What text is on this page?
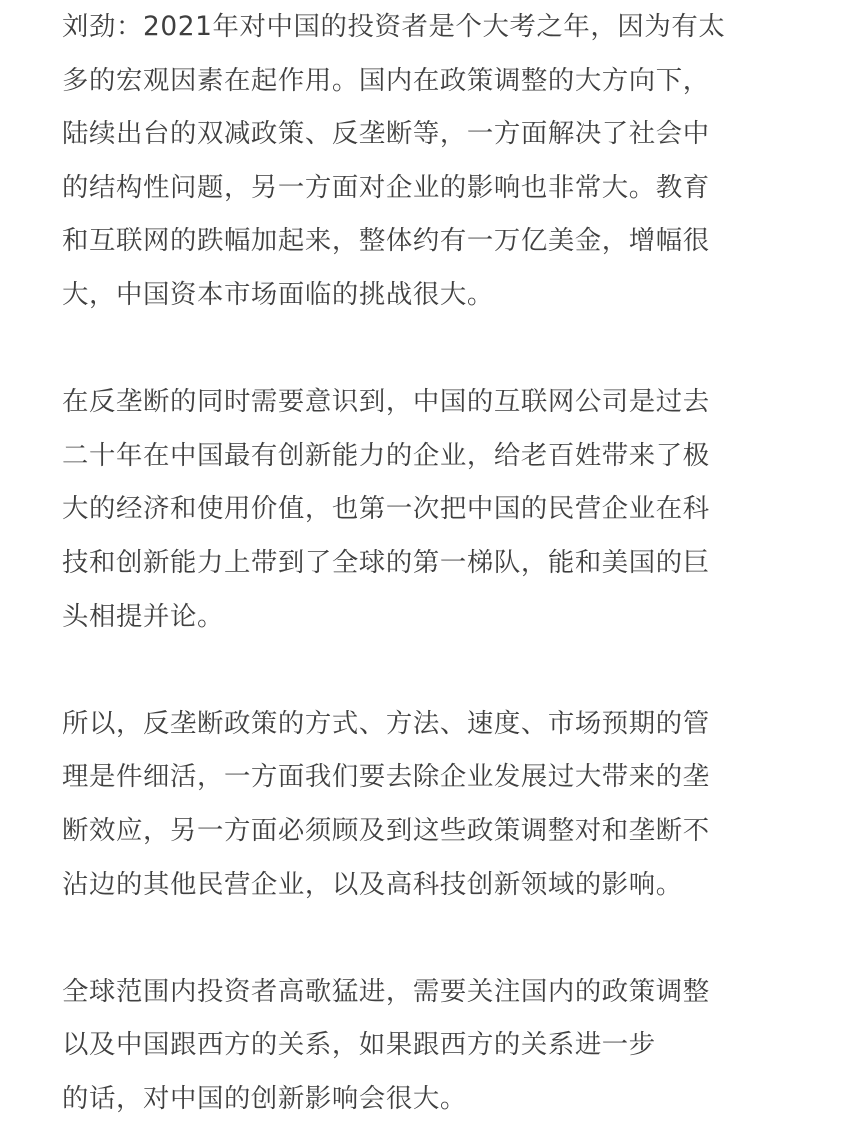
刘劲：2021年对中国的投资者是个大考之年，因为有太
多的宏观因素在起作用。国内在政策调整的大方向下，
陆续出台的双减政策、反垄断等，一方面解决了社会中
的结构性问题，另一方面对企业的影响也非常大。教育
和互联网的跌幅加起来，整体约有一万亿美金，增幅很
大，中国资本市场面临的挑战很大。

在反垄断的同时需要意识到，中国的互联网公司是过去
二十年在中国最有创新能力的企业，给老百姓带来了极
大的经济和使用价值，也第一次把中国的民营企业在科
技和创新能力上带到了全球的第一梯队，能和美国的巨
头相提并论。

所以，反垄断政策的方式、方法、速度、市场预期的管
理是件细活，一方面我们要去除企业发展过大带来的垄
断效应，另一方面必须顾及到这些政策调整对和垄断不
沾边的其他民营企业，以及高科技创新领域的影响。

全球范围内投资者高歌猛进，需要关注国内的政策调整
以及中国跟西方的关系，如果跟西方的关系进一步
的话，对中国的创新影响会很大。
